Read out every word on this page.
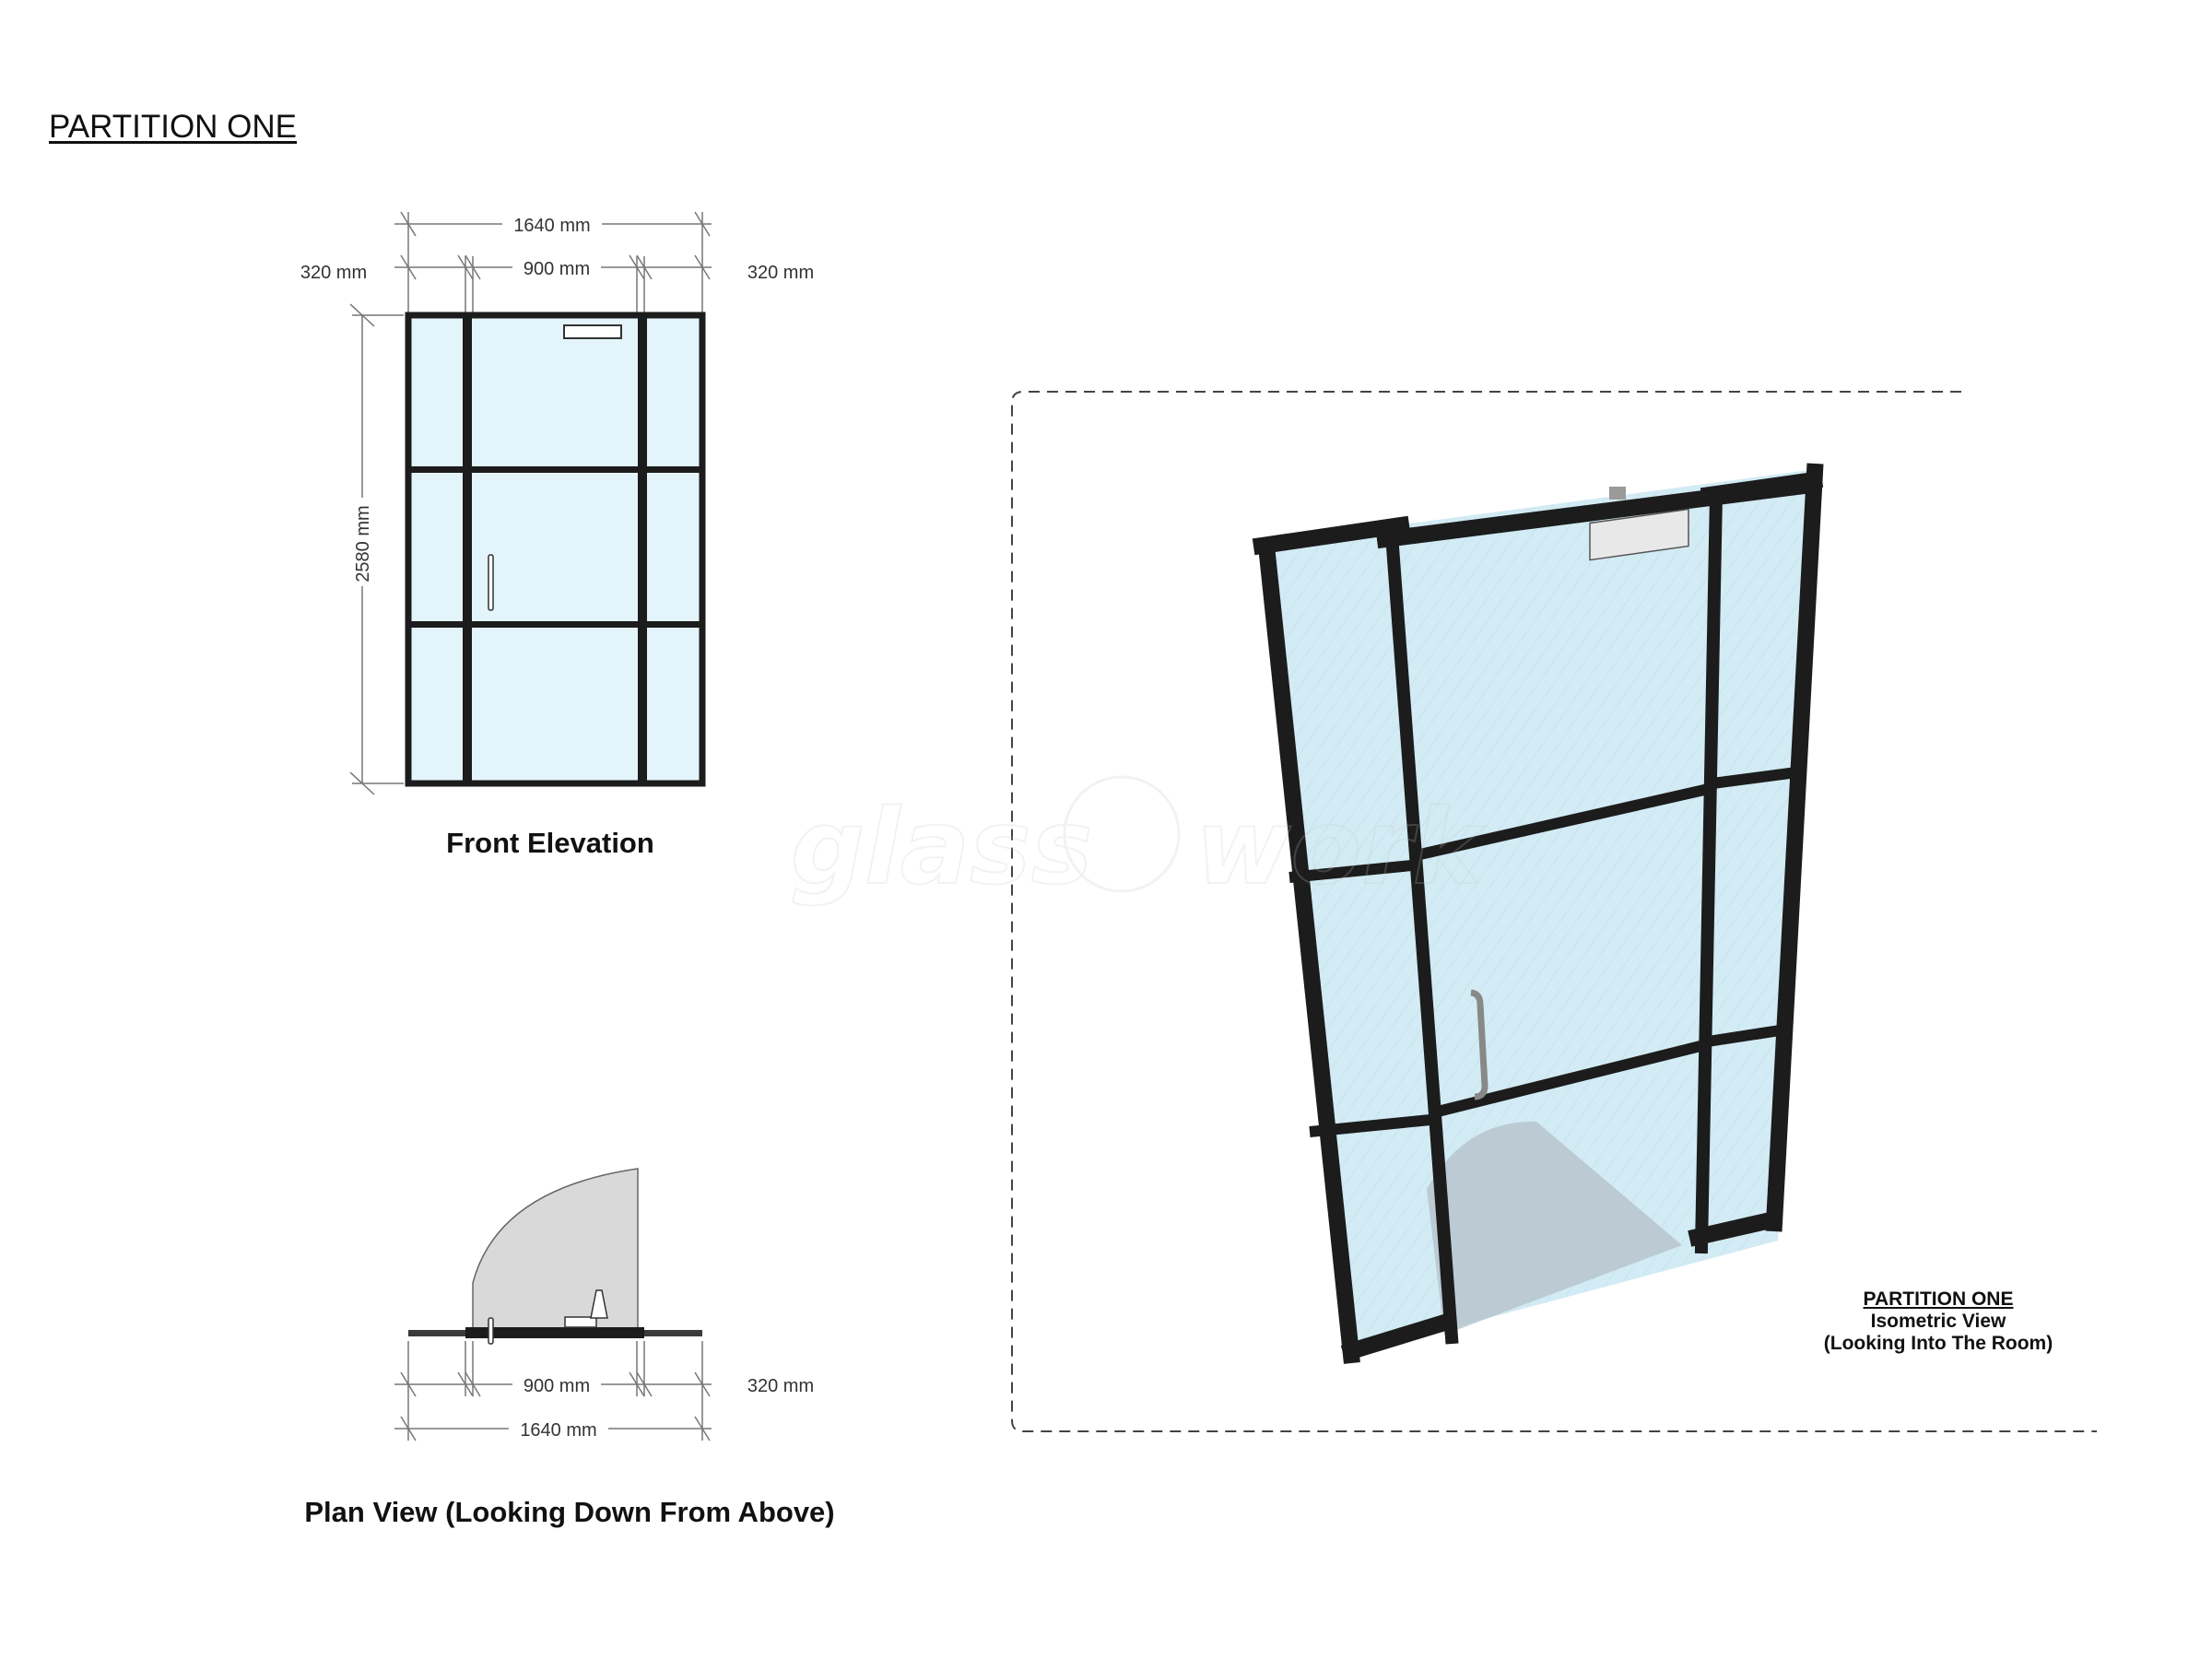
PARTITION ONE
1640 mm
320 mm	900 mm	320 mm
2580 mm
900 mm	320 mm
1640 mm
glass work
Front Elevation
Plan View (Looking Down From Above)
PARTITION ONE
Isometric View
(Looking Into The Room)
